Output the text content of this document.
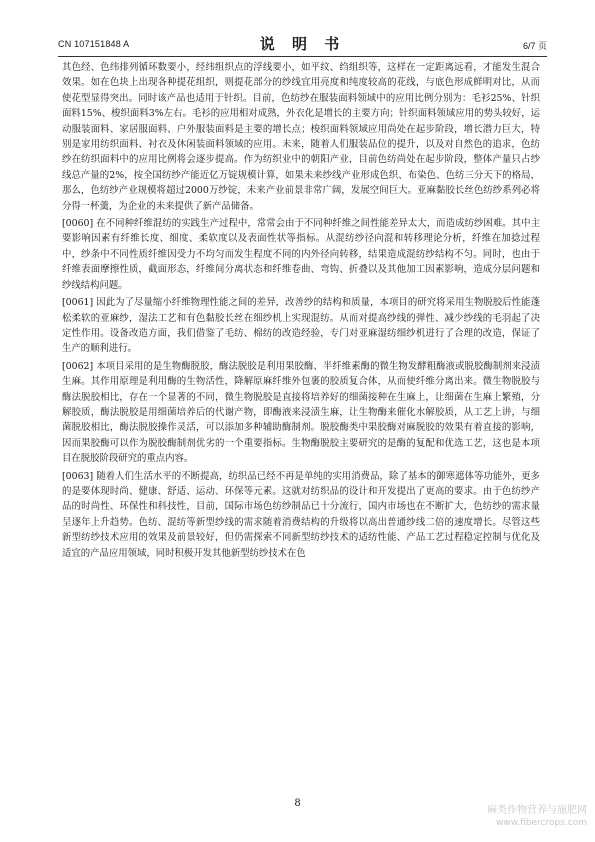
CN 107151848 A	说 明 书	6/7 页

其色经、色纬排列循环数要小，经纬组织点的浮线要小，如平纹、绉组织等，这样在一定距离远看，才能发生混合效果。如在色块上出现各种提花组织，则提花部分的纱线宜用亮度和纯度较高的花线，与底色形成鲜明对比，从而使花型显得突出。同时该产品也适用于针织。目前，色纺纱在服装面料领域中的应用比例分别为：毛衫25%、针织面料15%、梭织面料3%左右。毛衫的应用相对成熟，外衣化是增长的主要方向；针织面料领域应用的势头较好，运动服装面料、家居服面料、户外服装面料是主要的增长点；梭织面料领域应用尚处在起步阶段，增长潜力巨大，特别是家用纺织面料、衬衣及休闲装面料领域的应用。未来，随着人们服装品位的提升，以及对自然色的追求，色纺纱在纺织面料中的应用比例将会逐步提高。作为纺织业中的朝阳产业，目前色纺尚处在起步阶段，整体产量只占纱线总产量的2%，按全国纺纱产能近亿万锭规模计算，如果未来纱线产业形成色织、布染色、色纺三分天下的格局，那么，色纺纱产业规模将超过2000万纱锭，未来产业前景非常广阔，发展空间巨大。亚麻黏胶长丝色纺纱系列必将分得一杯羹，为企业的未来提供了新产品储备。

[0060] 在不同种纤维混纺的实践生产过程中，常常会由于不同种纤维之间性能差异太大，而造成纺纱困难。其中主要影响因素有纤维长度、细度、柔软度以及表面性状等指标。从混纺纱径向混和转移理论分析，纤维在加捻过程中，纱条中不同性质纤维因受力不均匀而发生程度不同的内外径向转移，结果造成混纺纱结构不匀。同时，也由于纤维表面摩擦性质，截面形态，纤维间分离状态和纤维卷曲、弯钩、折叠以及其他加工因素影响，造成分层问题和纱线结构问题。

[0061] 因此为了尽量缩小纤维物理性能之间的差异，改善纱的结构和质量，本项目的研究将采用生物脱胶后性能蓬松柔软的亚麻纱，湿法工艺和有色黏胶长丝在细纱机上实现混纺。从而对提高纱线的弹性、减少纱线的毛羽起了决定性作用。设备改造方面，我们借鉴了毛纺、棉纺的改造经验，专门对亚麻湿纺细纱机进行了合理的改造，保证了生产的顺利进行。

[0062] 本项目采用的是生物酶脱胶，酶法脱胶是利用果胶酶、半纤维素酶的微生物发酵粗酶液或脱胶酶制剂来浸渍生麻。其作用原理是利用酶的生物活性，降解原麻纤维外包裹的胶质复合体，从而使纤维分离出来。微生物脱胶与酶法脱胶相比，存在一个显著的不同，微生物脱胶是直接将培养好的细菌接种在生麻上，让细菌在生麻上繁殖，分解胶质，酶法脱胶是用细菌培养后的代谢产物，即酶液来浸渍生麻，让生物酶来催化水解胶质，从工艺上讲，与细菌脱胶相比，酶法脱胶操作灵活，可以添加多种辅助酶制剂。脱胶酶类中果胶酶对麻脱胶的效果有着直接的影响，因而果胶酶可以作为脱胶酶制剂优劣的一个重要指标。生物酶脱胶主要研究的是酶的复配和优选工艺，这也是本项目在脱胶阶段研究的重点内容。

[0063] 随着人们生活水平的不断提高，纺织品已经不再是单纯的实用消费品，除了基本的御寒遮体等功能外，更多的是要体现时尚、健康、舒适、运动、环保等元素。这就对纺织品的设计和开发提出了更高的要求。由于色纺纱产品的时尚性、环保性和科技性，目前，国际市场色纺纱制品已十分流行，国内市场也在不断扩大，色纺纱的需求量呈逐年上升趋势。色纺、混纺等新型纱线的需求随着消费结构的升级将以高出普通纱线二倍的速度增长。尽管这些新型纺纱技术应用的效果及前景较好，但仍需探索不同新型纺纱技术的适纺性能、产品工艺过程稳定控制与优化及适宜的产品应用领域，同时积极开发其他新型纺纱技术在色

8
麻类作物营养与施肥网
www.fibercrops.com
